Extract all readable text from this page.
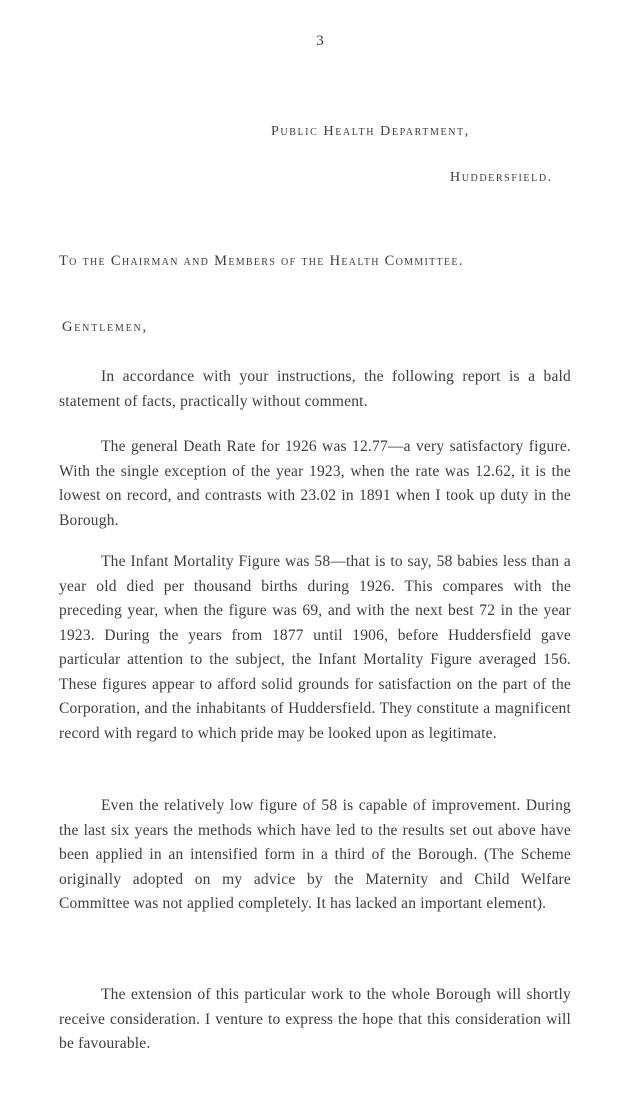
3
Public Health Department,
Huddersfield.
To the Chairman and Members of the Health Committee.
Gentlemen,

In accordance with your instructions, the following report is a bald statement of facts, practically without comment.

The general Death Rate for 1926 was 12.77—a very satisfactory figure. With the single exception of the year 1923, when the rate was 12.62, it is the lowest on record, and contrasts with 23.02 in 1891 when I took up duty in the Borough.

The Infant Mortality Figure was 58—that is to say, 58 babies less than a year old died per thousand births during 1926. This compares with the preceding year, when the figure was 69, and with the next best 72 in the year 1923. During the years from 1877 until 1906, before Huddersfield gave particular attention to the subject, the Infant Mortality Figure averaged 156. These figures appear to afford solid grounds for satisfaction on the part of the Corporation, and the inhabitants of Huddersfield. They constitute a magnificent record with regard to which pride may be looked upon as legitimate.

Even the relatively low figure of 58 is capable of improvement. During the last six years the methods which have led to the results set out above have been applied in an intensified form in a third of the Borough. (The Scheme originally adopted on my advice by the Maternity and Child Welfare Committee was not applied completely. It has lacked an important element).

The extension of this particular work to the whole Borough will shortly receive consideration. I venture to express the hope that this consideration will be favourable.
